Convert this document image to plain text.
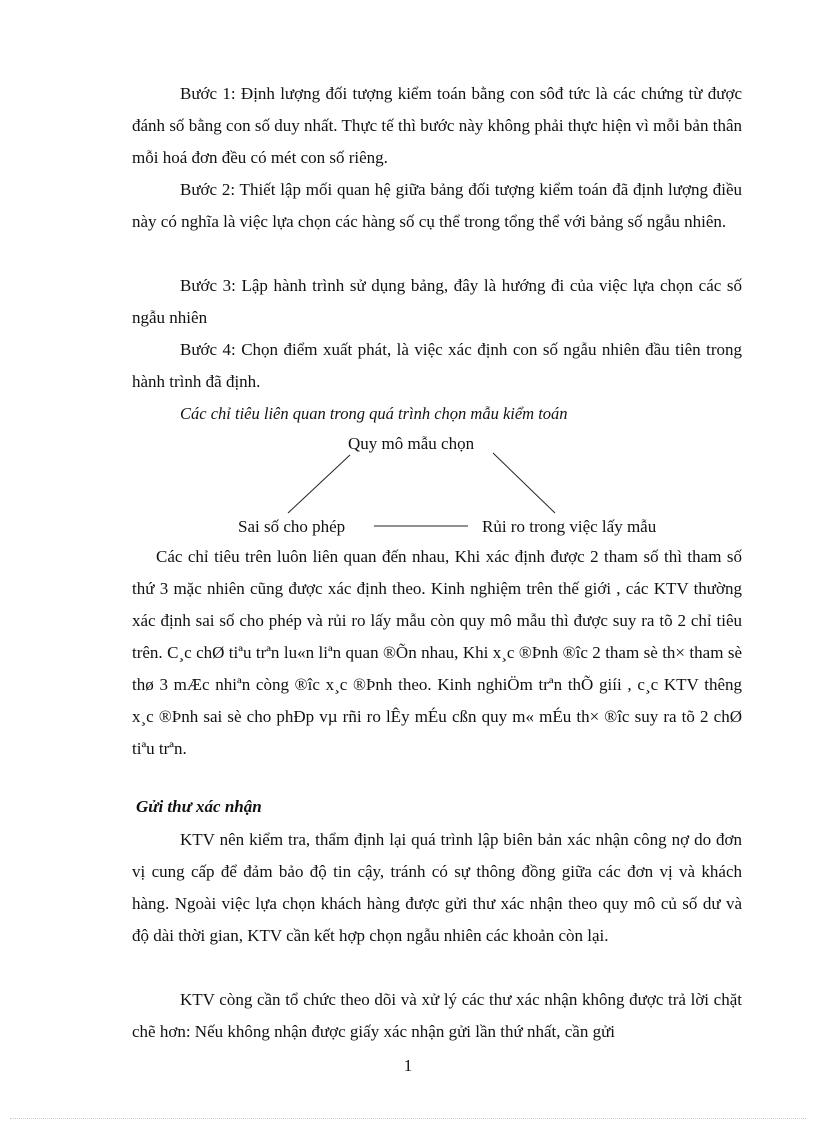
Bước 1: Định lượng đối tượng kiểm toán bằng con sôđ tức là các chứng từ được đánh số bằng con số duy nhất. Thực tế thì bước này không phải thực hiện vì mỗi bản thân mỗi hoá đơn đều có mét con số riêng.

Bước 2: Thiết lập mối quan hệ giữa bảng đối tượng kiểm toán đã định lượng điều này có nghĩa là việc lựa chọn các hàng số cụ thể trong tổng thể với bảng số ngẫu nhiên.

Bước 3: Lập hành trình sử dụng bảng, đây là hướng đi của việc lựa chọn các số ngẫu nhiên

Bước 4: Chọn điểm xuất phát, là việc xác định con số ngẫu nhiên đầu tiên trong hành trình đã định.

Các chỉ tiêu liên quan trong quá trình chọn mẫu kiểm toán
Quy mô mẫu chọn
Sai số cho phép	Rủi ro trong việc lấy mẫu

Các chỉ tiêu trên luôn liên quan đến nhau, Khi xác định được 2 tham số thì tham số thứ 3 mặc nhiên cũng được xác định theo. Kinh nghiệm trên thế giới , các KTV thường xác định sai số cho phép và rủi ro lấy mẫu còn quy mô mẫu thì được suy ra tõ 2 chỉ tiêu trên. C¸c chØ tiªu trªn lu«n liªn quan ®Õn nhau, Khi x¸c ®Þnh ®îc 2 tham sè th× tham sè thø 3 mÆc nhiªn còng ®îc x¸c ®Þnh theo. Kinh nghiÖm trªn thÕ giíi , c¸c KTV thêng x¸c ®Þnh sai sè cho phÐp vµ rñi ro lÊy mÉu cßn quy m« mÉu th× ®îc suy ra tõ 2 chØ tiªu trªn.

Gửi thư xác nhận

KTV nên kiểm tra, thẩm định lại quá trình lập biên bản xác nhận công nợ do đơn vị cung cấp để đảm bảo độ tin cậy, tránh có sự thông đồng giữa các đơn vị và khách hàng. Ngoài việc lựa chọn khách hàng được gửi thư xác nhận theo quy mô củ số dư và độ dài thời gian, KTV cần kết hợp chọn ngẫu nhiên các khoản còn lại.

KTV còng cần tổ chức theo dõi và xử lý các thư xác nhận không được trả lời chặt chẽ hơn: Nếu không nhận được giấy xác nhận gửi lần thứ nhất, cần gửi

1
